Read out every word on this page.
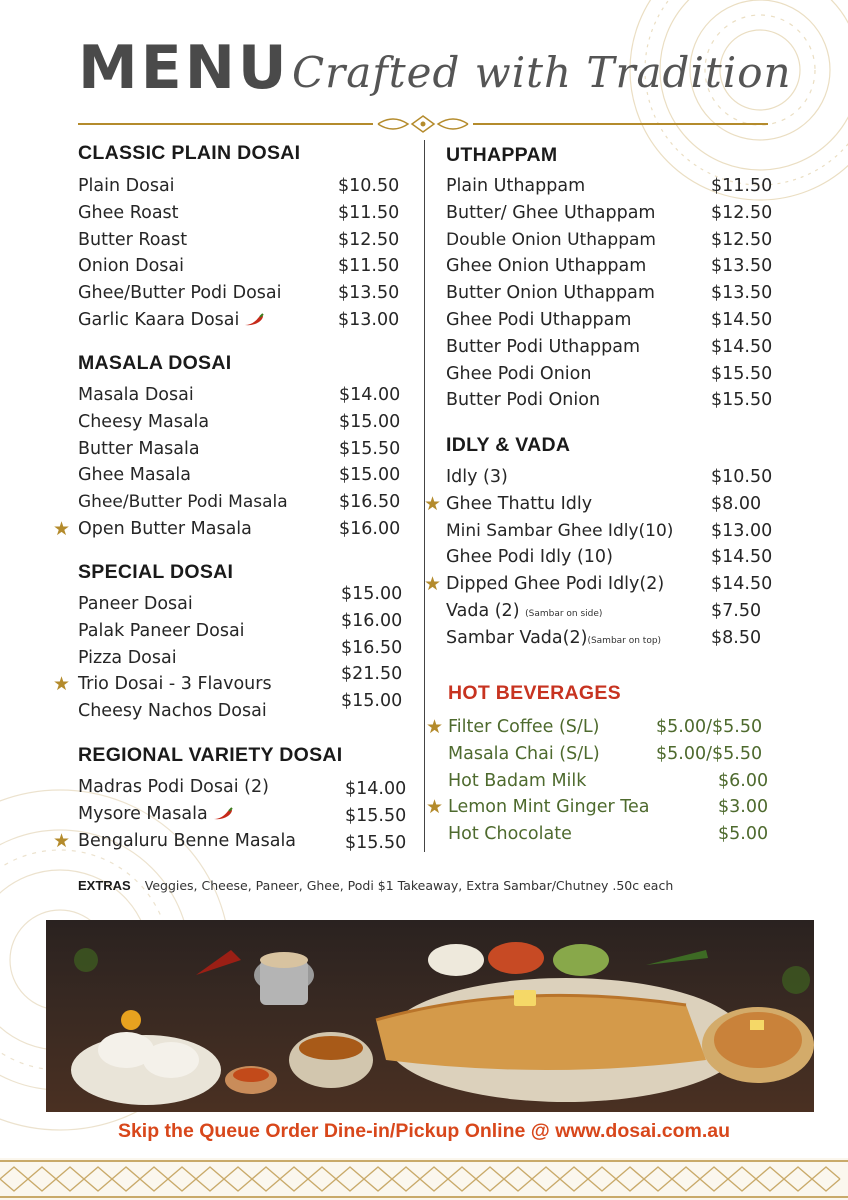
MENU Crafted with Tradition
CLASSIC PLAIN DOSAI
Plain Dosai	$10.50
Ghee Roast	$11.50
Butter Roast	$12.50
Onion Dosai	$11.50
Ghee/Butter Podi Dosai	$13.50
Garlic Kaara Dosai	$13.00
MASALA DOSAI
Masala Dosai	$14.00
Cheesy Masala	$15.00
Butter Masala	$15.50
Ghee Masala	$15.00
Ghee/Butter Podi Masala	$16.50
★ Open Butter Masala	$16.00
SPECIAL DOSAI
Paneer Dosai	$15.00
Palak Paneer Dosai	$16.00
Pizza Dosai	$16.50
★ Trio Dosai - 3 Flavours	$21.50
Cheesy Nachos Dosai	$15.00
REGIONAL VARIETY DOSAI
Madras Podi Dosai (2)	$14.00
Mysore Masala	$15.50
★ Bengaluru Benne Masala	$15.50
UTHAPPAM
Plain Uthappam	$11.50
Butter/ Ghee Uthappam	$12.50
Double Onion Uthappam	$12.50
Ghee Onion Uthappam	$13.50
Butter Onion Uthappam	$13.50
Ghee Podi Uthappam	$14.50
Butter Podi Uthappam	$14.50
Ghee Podi Onion	$15.50
Butter Podi Onion	$15.50
IDLY & VADA
Idly (3)	$10.50
★ Ghee Thattu Idly	$8.00
Mini Sambar Ghee Idly(10) $13.00
Ghee Podi Idly (10)	$14.50
★ Dipped Ghee Podi Idly(2)	$14.50
Vada (2) (Sambar on side)	$7.50
Sambar Vada(2)(Sambar on top)	$8.50
HOT BEVERAGES
★ Filter Coffee (S/L)	$5.00/$5.50
Masala Chai (S/L)	$5.00/$5.50
Hot Badam Milk	$6.00
★ Lemon Mint Ginger Tea	$3.00
Hot Chocolate	$5.00
EXTRAS Veggies, Cheese, Paneer, Ghee, Podi $1 Takeaway, Extra Sambar/Chutney .50c each
Skip the Queue Order Dine-in/Pickup Online @ www.dosai.com.au
